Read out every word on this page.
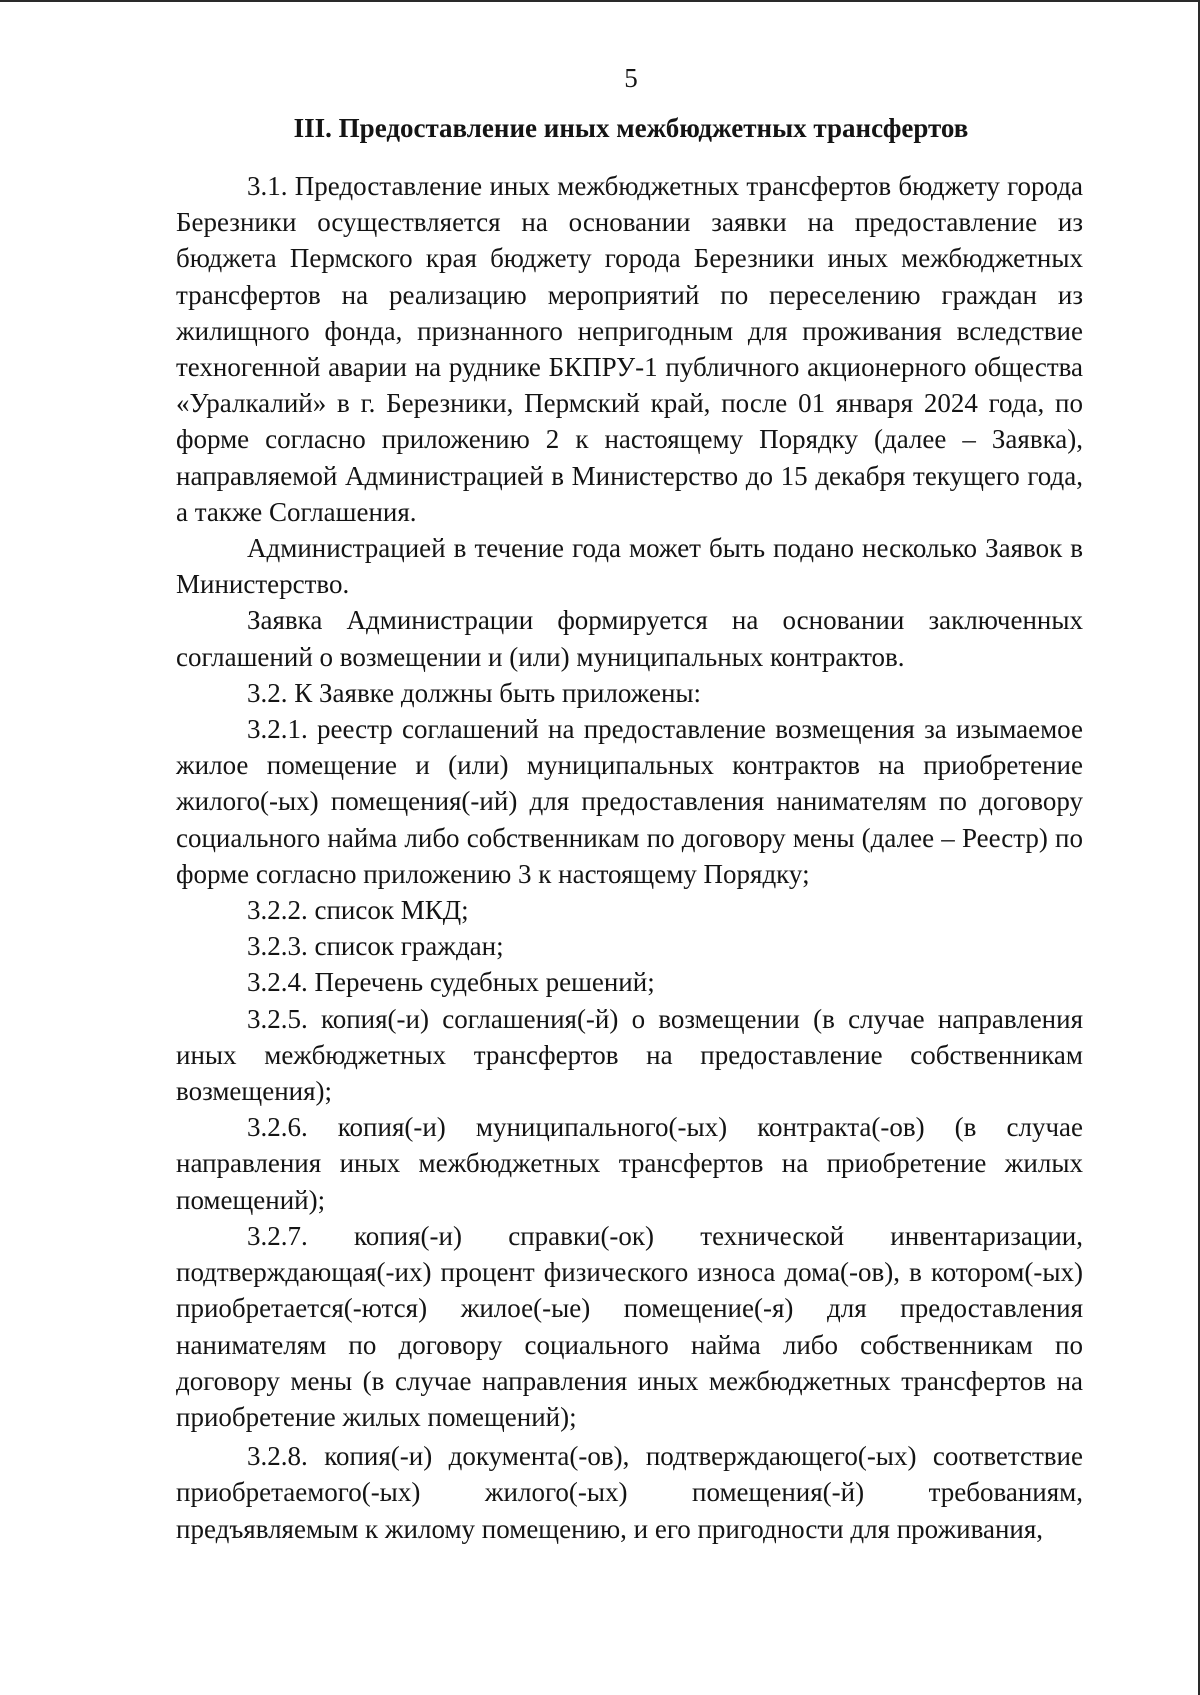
5
III. Предоставление иных межбюджетных трансфертов

3.1. Предоставление иных межбюджетных трансфертов бюджету города Березники осуществляется на основании заявки на предоставление из бюджета Пермского края бюджету города Березники иных межбюджетных трансфертов на реализацию мероприятий по переселению граждан из жилищного фонда, признанного непригодным для проживания вследствие техногенной аварии на руднике БКПРУ-1 публичного акционерного общества «Уралкалий» в г. Березники, Пермский край, после 01 января 2024 года, по форме согласно приложению 2 к настоящему Порядку (далее – Заявка), направляемой Администрацией в Министерство до 15 декабря текущего года, а также Соглашения.

Администрацией в течение года может быть подано несколько Заявок в Министерство.

Заявка Администрации формируется на основании заключенных соглашений о возмещении и (или) муниципальных контрактов.

3.2. К Заявке должны быть приложены:

3.2.1. реестр соглашений на предоставление возмещения за изымаемое жилое помещение и (или) муниципальных контрактов на приобретение жилого(-ых) помещения(-ий) для предоставления нанимателям по договору социального найма либо собственникам по договору мены (далее – Реестр) по форме согласно приложению 3 к настоящему Порядку;

3.2.2. список МКД;

3.2.3. список граждан;

3.2.4. Перечень судебных решений;

3.2.5. копия(-и) соглашения(-й) о возмещении (в случае направления иных межбюджетных трансфертов на предоставление собственникам возмещения);

3.2.6. копия(-и) муниципального(-ых) контракта(-ов) (в случае направления иных межбюджетных трансфертов на приобретение жилых помещений);

3.2.7. копия(-и) справки(-ок) технической инвентаризации, подтверждающая(-их) процент физического износа дома(-ов), в котором(-ых) приобретается(-ются) жилое(-ые) помещение(-я) для предоставления нанимателям по договору социального найма либо собственникам по договору мены (в случае направления иных межбюджетных трансфертов на приобретение жилых помещений);

3.2.8. копия(-и) документа(-ов), подтверждающего(-ых) соответствие приобретаемого(-ых) жилого(-ых) помещения(-й) требованиям, предъявляемым к жилому помещению, и его пригодности для проживания,
